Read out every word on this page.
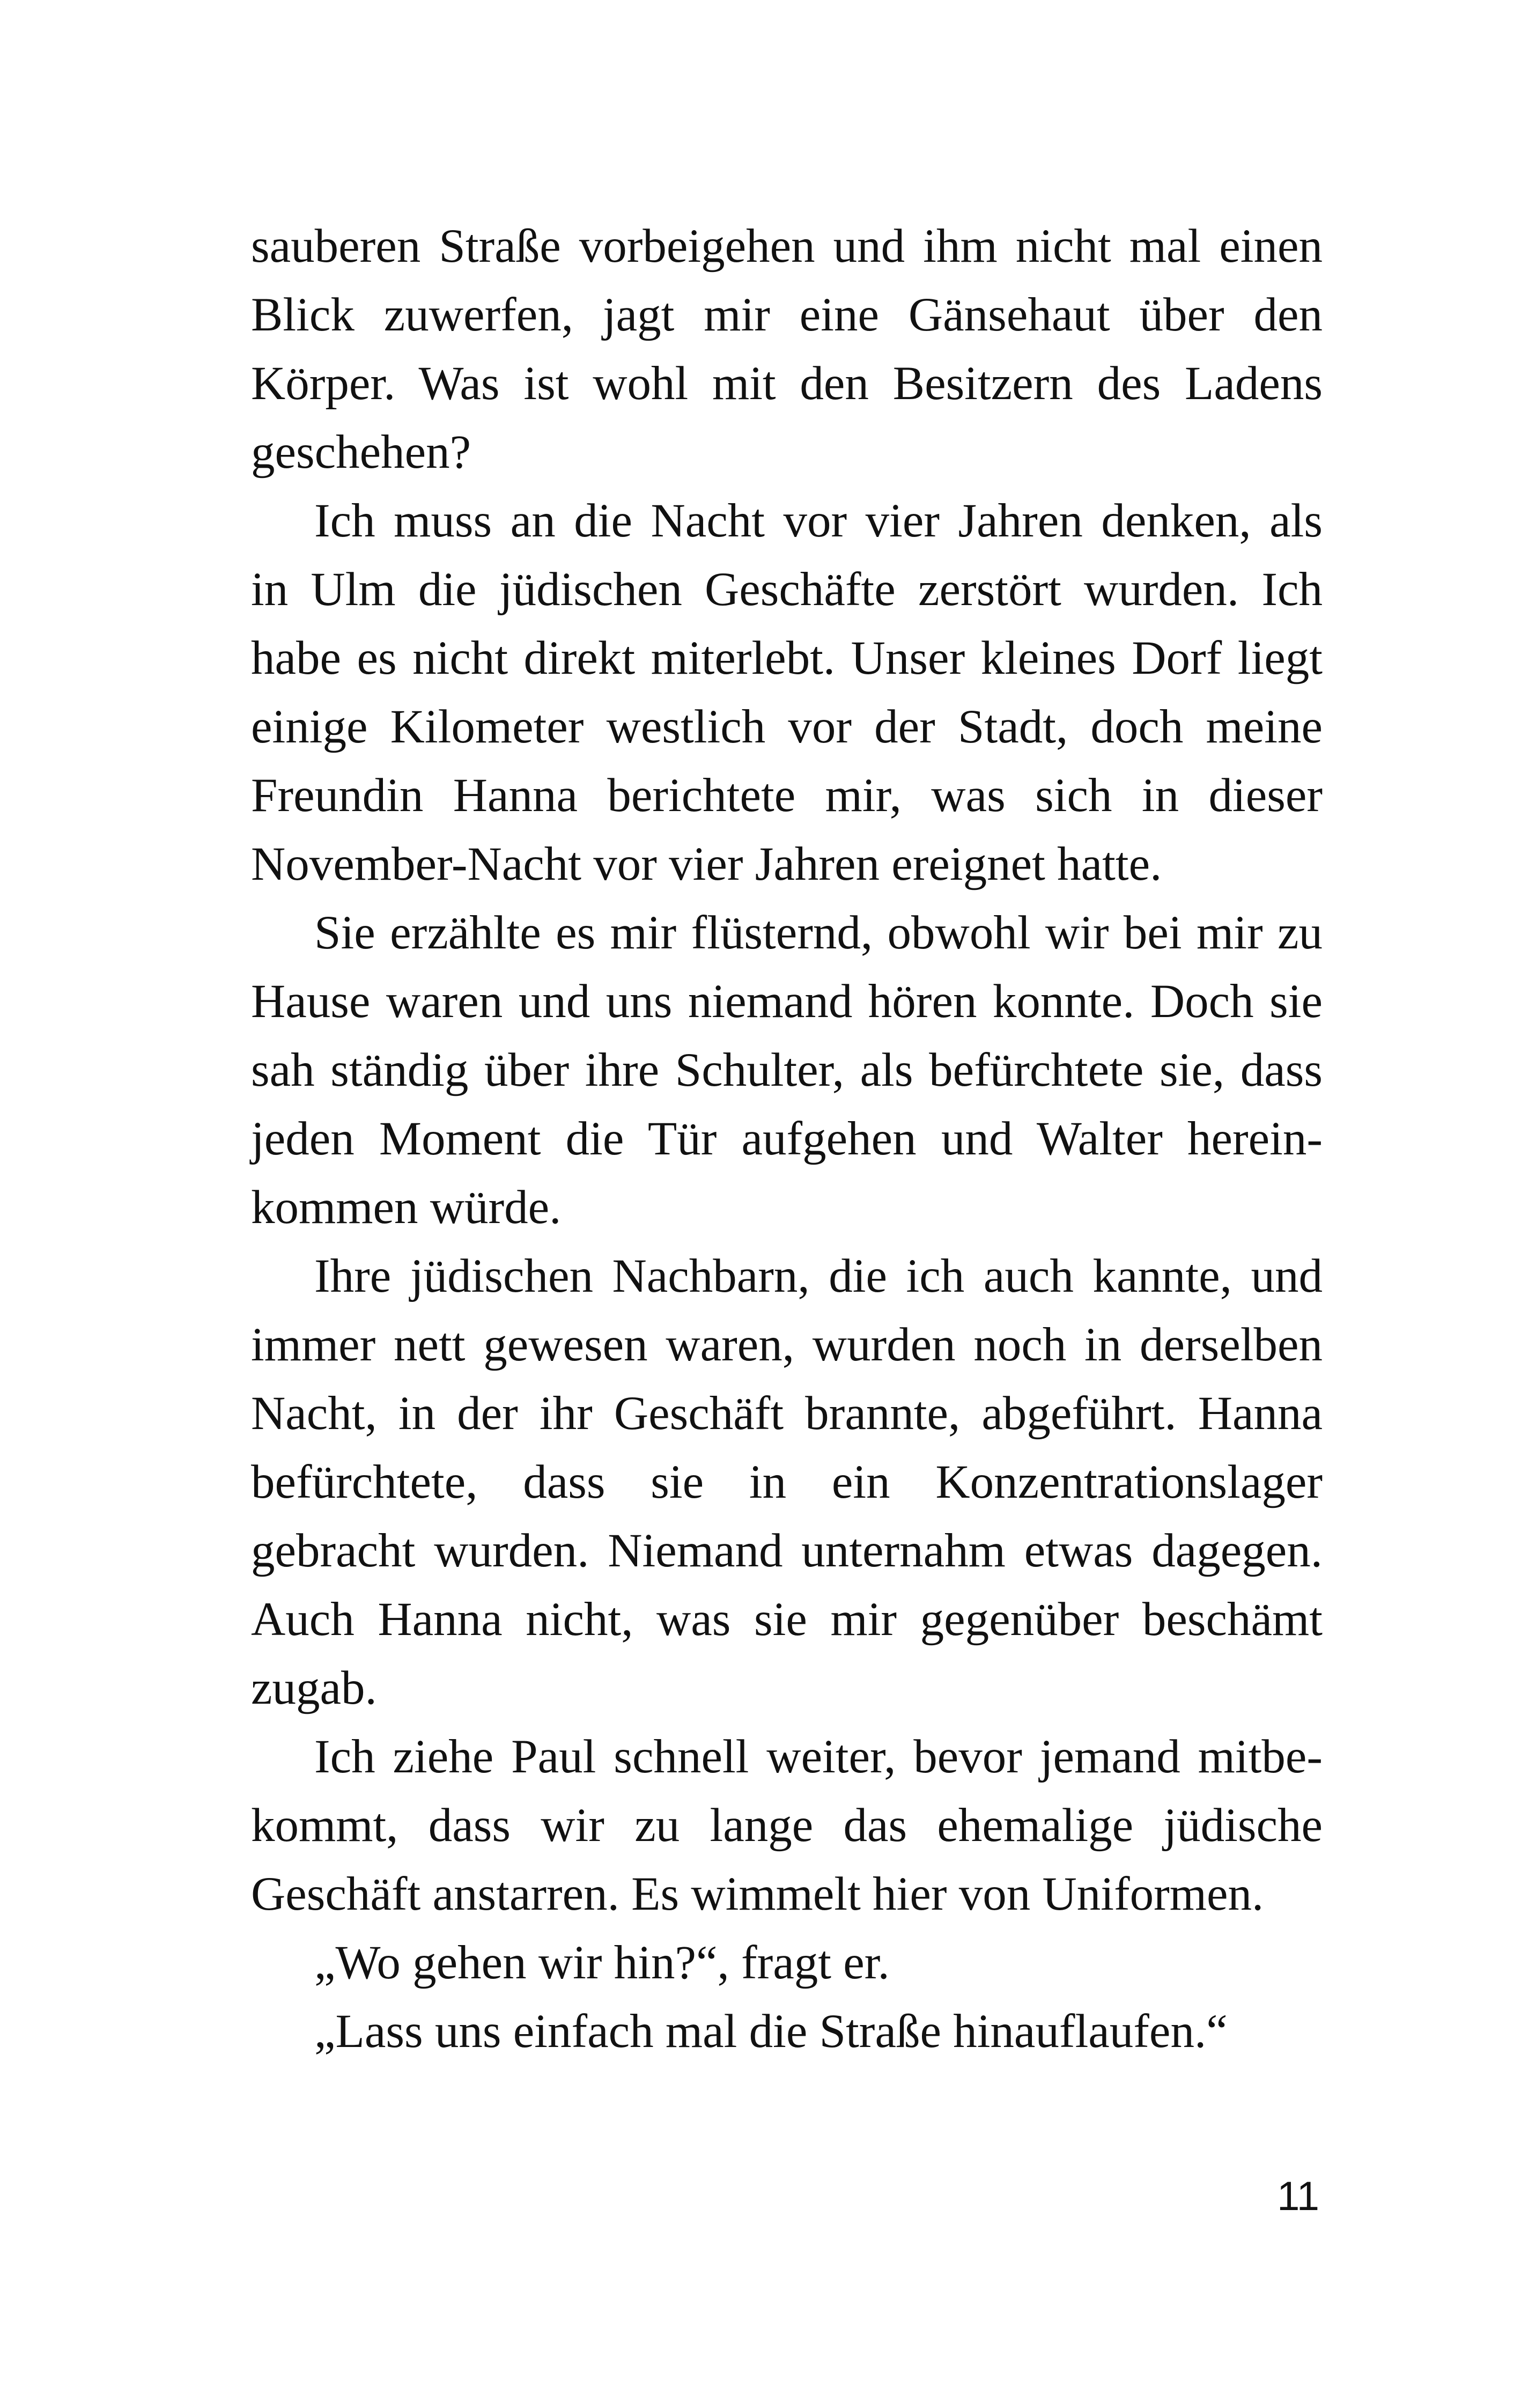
sauberen Straße vorbeigehen und ihm nicht mal einen
Blick zuwerfen, jagt mir eine Gänsehaut über den
Körper. Was ist wohl mit den Besitzern des Ladens
geschehen?
Ich muss an die Nacht vor vier Jahren denken, als
in Ulm die jüdischen Geschäfte zerstört wurden. Ich
habe es nicht direkt miterlebt. Unser kleines Dorf liegt
einige Kilometer westlich vor der Stadt, doch meine
Freundin Hanna berichtete mir, was sich in dieser
November-Nacht vor vier Jahren ereignet hatte.
Sie erzählte es mir flüsternd, obwohl wir bei mir zu
Hause waren und uns niemand hören konnte. Doch sie
sah ständig über ihre Schulter, als befürchtete sie, dass
jeden Moment die Tür aufgehen und Walter herein-
kommen würde.
Ihre jüdischen Nachbarn, die ich auch kannte, und
immer nett gewesen waren, wurden noch in derselben
Nacht, in der ihr Geschäft brannte, abgeführt. Hanna
befürchtete, dass sie in ein Konzentrationslager
gebracht wurden. Niemand unternahm etwas dagegen.
Auch Hanna nicht, was sie mir gegenüber beschämt
zugab.
Ich ziehe Paul schnell weiter, bevor jemand mitbe-
kommt, dass wir zu lange das ehemalige jüdische
Geschäft anstarren. Es wimmelt hier von Uniformen.
„Wo gehen wir hin?“, fragt er.
„Lass uns einfach mal die Straße hinauflaufen.“
11
